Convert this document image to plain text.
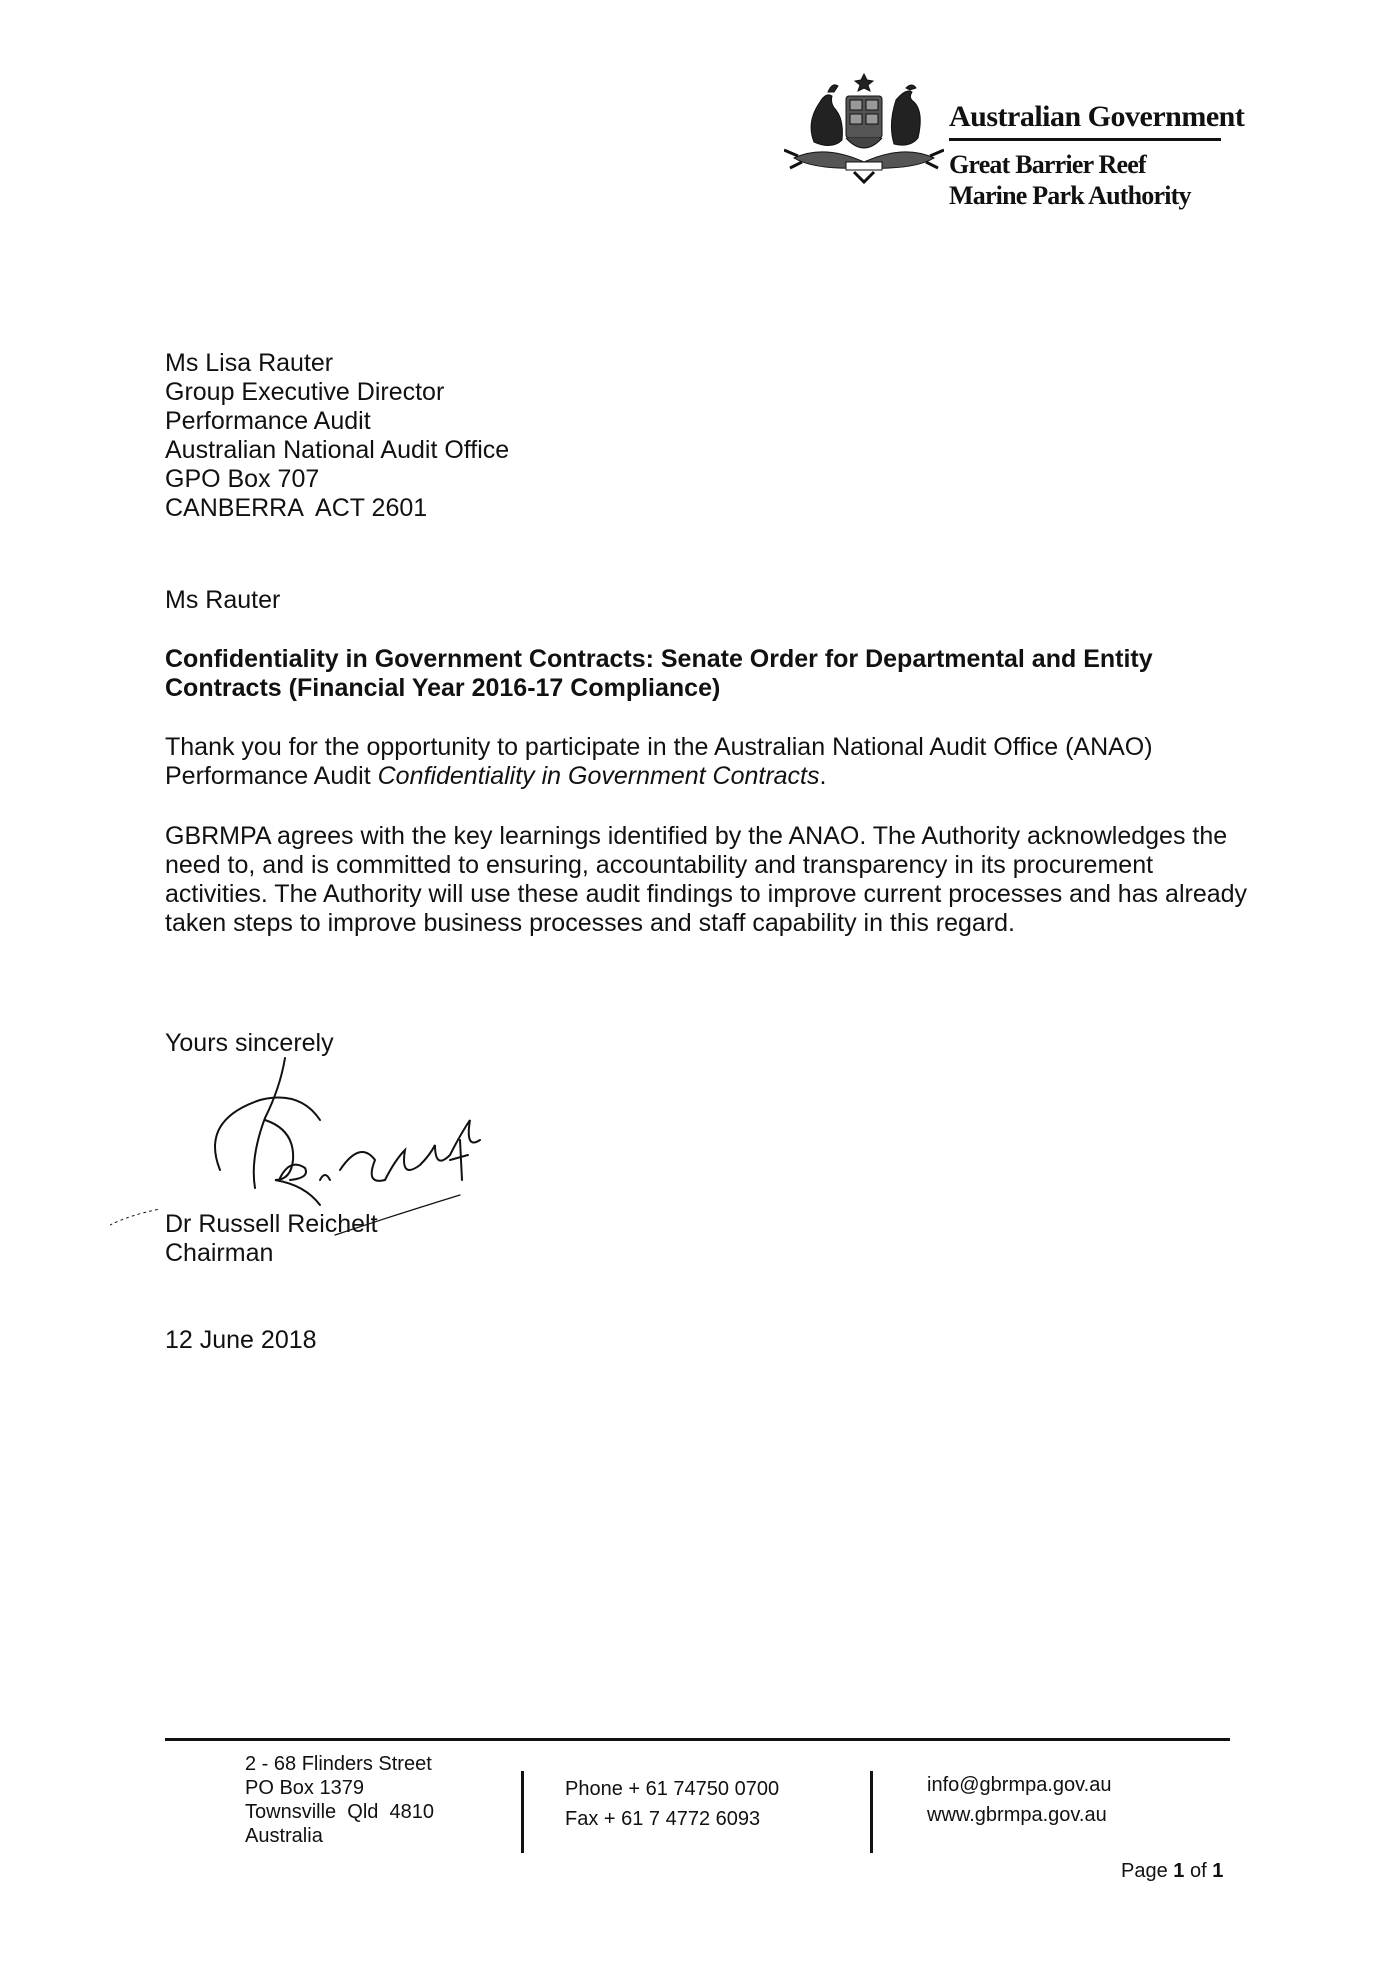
Australian Government
Great Barrier Reef
Marine Park Authority
Ms Lisa Rauter
Group Executive Director
Performance Audit
Australian National Audit Office
GPO Box 707
CANBERRA  ACT 2601
Ms Rauter
Confidentiality in Government Contracts: Senate Order for Departmental and Entity Contracts (Financial Year 2016-17 Compliance)
Thank you for the opportunity to participate in the Australian National Audit Office (ANAO) Performance Audit Confidentiality in Government Contracts.
GBRMPA agrees with the key learnings identified by the ANAO. The Authority acknowledges the need to, and is committed to ensuring, accountability and transparency in its procurement activities. The Authority will use these audit findings to improve current processes and has already taken steps to improve business processes and staff capability in this regard.
Yours sincerely
Dr Russell Reichelt
Chairman
12 June 2018
2 - 68 Flinders Street
PO Box 1379
Townsville  Qld  4810
Australia
Phone + 61 74750 0700
Fax + 61 7 4772 6093
info@gbrmpa.gov.au
www.gbrmpa.gov.au
Page 1 of 1
